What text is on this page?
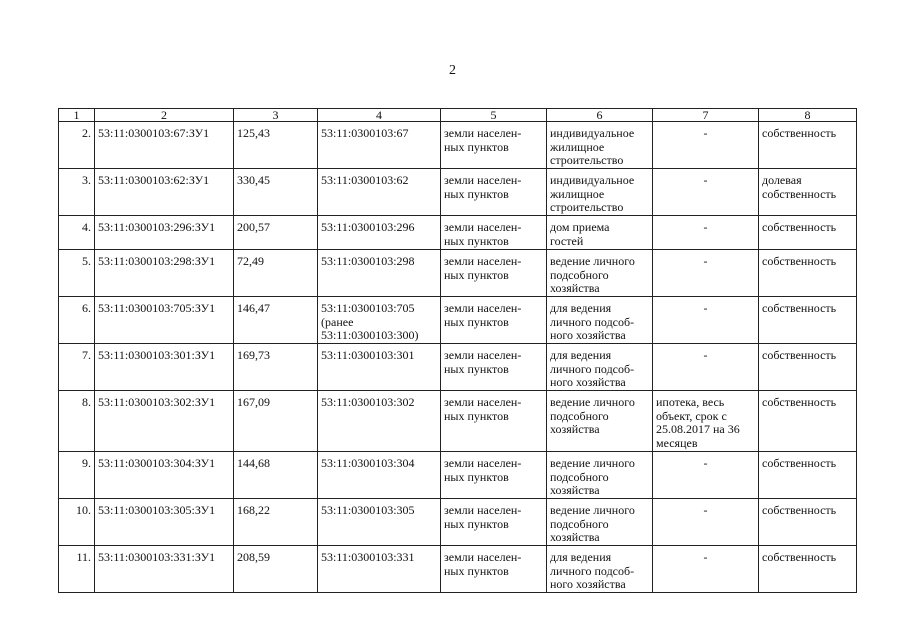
2
1	2	3	4	5	6	7	8
2.	53:11:0300103:67:ЗУ1	125,43	53:11:0300103:67	земли населен-
ных пунктов	индивидуальное
жилищное
строительство	-	собственность
3.	53:11:0300103:62:ЗУ1	330,45	53:11:0300103:62	земли населен-
ных пунктов	индивидуальное
жилищное
строительство	-	долевая
собственность
4.	53:11:0300103:296:ЗУ1	200,57	53:11:0300103:296	земли населен-
ных пунктов	дом приема
гостей	-	собственность
5.	53:11:0300103:298:ЗУ1	72,49	53:11:0300103:298	земли населен-
ных пунктов	ведение личного
подсобного
хозяйства	-	собственность
6.	53:11:0300103:705:ЗУ1	146,47	53:11:0300103:705
(ранее
53:11:0300103:300)	земли населен-
ных пунктов	для ведения
личного подсоб-
ного хозяйства	-	собственность
7.	53:11:0300103:301:ЗУ1	169,73	53:11:0300103:301	земли населен-
ных пунктов	для ведения
личного подсоб-
ного хозяйства	-	собственность
8.	53:11:0300103:302:ЗУ1	167,09	53:11:0300103:302	земли населен-
ных пунктов	ведение личного
подсобного
хозяйства	ипотека, весь
объект, срок с
25.08.2017 на 36
месяцев	собственность
9.	53:11:0300103:304:ЗУ1	144,68	53:11:0300103:304	земли населен-
ных пунктов	ведение личного
подсобного
хозяйства	-	собственность
10.	53:11:0300103:305:ЗУ1	168,22	53:11:0300103:305	земли населен-
ных пунктов	ведение личного
подсобного
хозяйства	-	собственность
11.	53:11:0300103:331:ЗУ1	208,59	53:11:0300103:331	земли населен-
ных пунктов	для ведения
личного подсоб-
ного хозяйства	-	собственность
